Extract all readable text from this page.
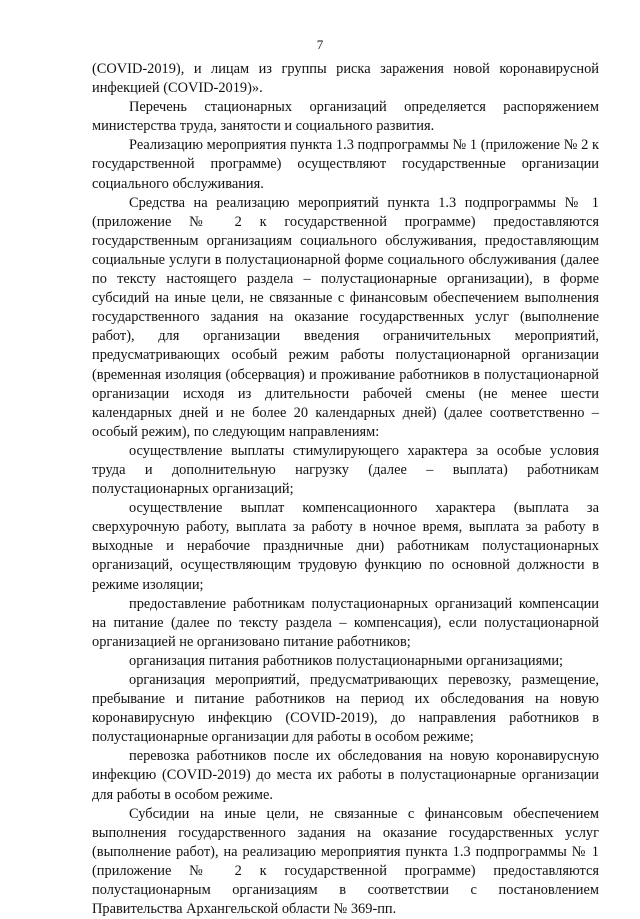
7

(COVID-2019), и лицам из группы риска заражения новой коронавирусной инфекцией (COVID-2019)».

Перечень стационарных организаций определяется распоряжением министерства труда, занятости и социального развития.

Реализацию мероприятия пункта 1.3 подпрограммы № 1 (приложение № 2 к государственной программе) осуществляют государственные организации социального обслуживания.

Средства на реализацию мероприятий пункта 1.3 подпрограммы № 1 (приложение № 2 к государственной программе) предоставляются государственным организациям социального обслуживания, предоставляющим социальные услуги в полустационарной форме социального обслуживания (далее по тексту настоящего раздела – полустационарные организации), в форме субсидий на иные цели, не связанные с финансовым обеспечением выполнения государственного задания на оказание государственных услуг (выполнение работ), для организации введения ограничительных мероприятий, предусматривающих особый режим работы полустационарной организации (временная изоляция (обсервация) и проживание работников в полустационарной организации исходя из длительности рабочей смены (не менее шести календарных дней и не более 20 календарных дней) (далее соответственно – особый режим), по следующим направлениям:

осуществление выплаты стимулирующего характера за особые условия труда и дополнительную нагрузку (далее – выплата) работникам полустационарных организаций;

осуществление выплат компенсационного характера (выплата за сверхурочную работу, выплата за работу в ночное время, выплата за работу в выходные и нерабочие праздничные дни) работникам полустационарных организаций, осуществляющим трудовую функцию по основной должности в режиме изоляции;

предоставление работникам полустационарных организаций компенсации на питание (далее по тексту раздела – компенсация), если полустационарной организацией не организовано питание работников;

организация питания работников полустационарными организациями;

организация мероприятий, предусматривающих перевозку, размещение, пребывание и питание работников на период их обследования на новую коронавирусную инфекцию (COVID-2019), до направления работников в полустационарные организации для работы в особом режиме;

перевозка работников после их обследования на новую коронавирусную инфекцию (COVID-2019) до места их работы в полустационарные организации для работы в особом режиме.

Субсидии на иные цели, не связанные с финансовым обеспечением выполнения государственного задания на оказание государственных услуг (выполнение работ), на реализацию мероприятия пункта 1.3 подпрограммы № 1 (приложение № 2 к государственной программе) предоставляются полустационарным организациям в соответствии с постановлением Правительства Архангельской области № 369-пп.
